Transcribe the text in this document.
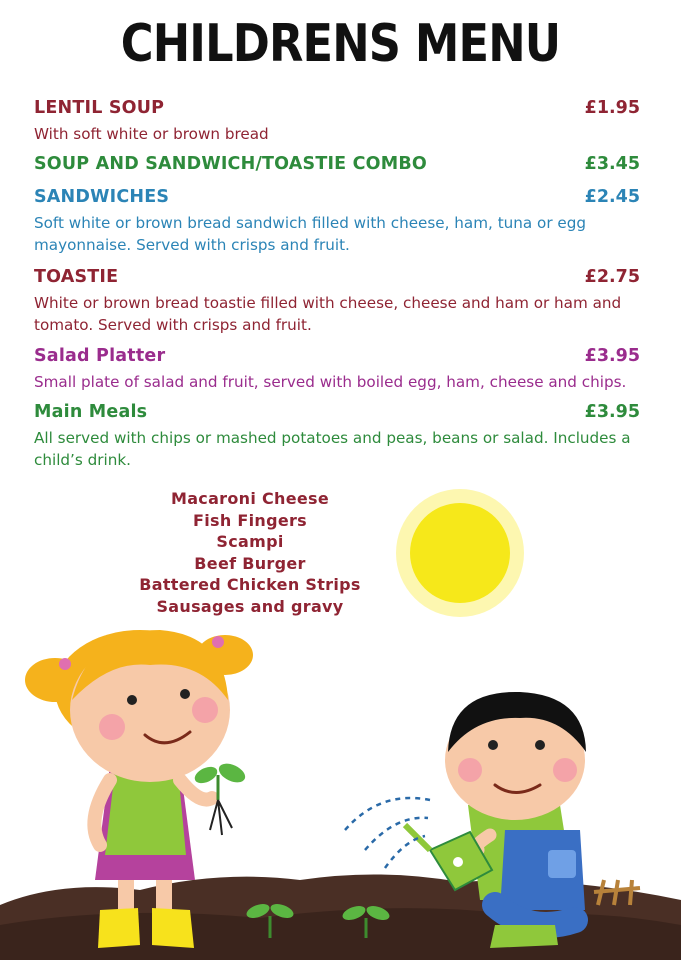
CHILDRENS MENU
LENTIL SOUP	£1.95
With soft white or brown bread
SOUP AND SANDWICH/TOASTIE COMBO	£3.45
SANDWICHES	£2.45
Soft white or brown bread sandwich filled with cheese, ham, tuna or egg mayonnaise. Served with crisps and fruit.
TOASTIE	£2.75
White or brown bread toastie filled with cheese, cheese and ham or ham and tomato. Served with crisps and fruit.
Salad Platter	£3.95
Small plate of salad and fruit, served with boiled egg, ham, cheese and chips.
Main Meals	£3.95
All served with chips or mashed potatoes and peas, beans or salad. Includes a child’s drink.
Macaroni Cheese
Fish Fingers
Scampi
Beef Burger
Battered Chicken Strips
Sausages and gravy
